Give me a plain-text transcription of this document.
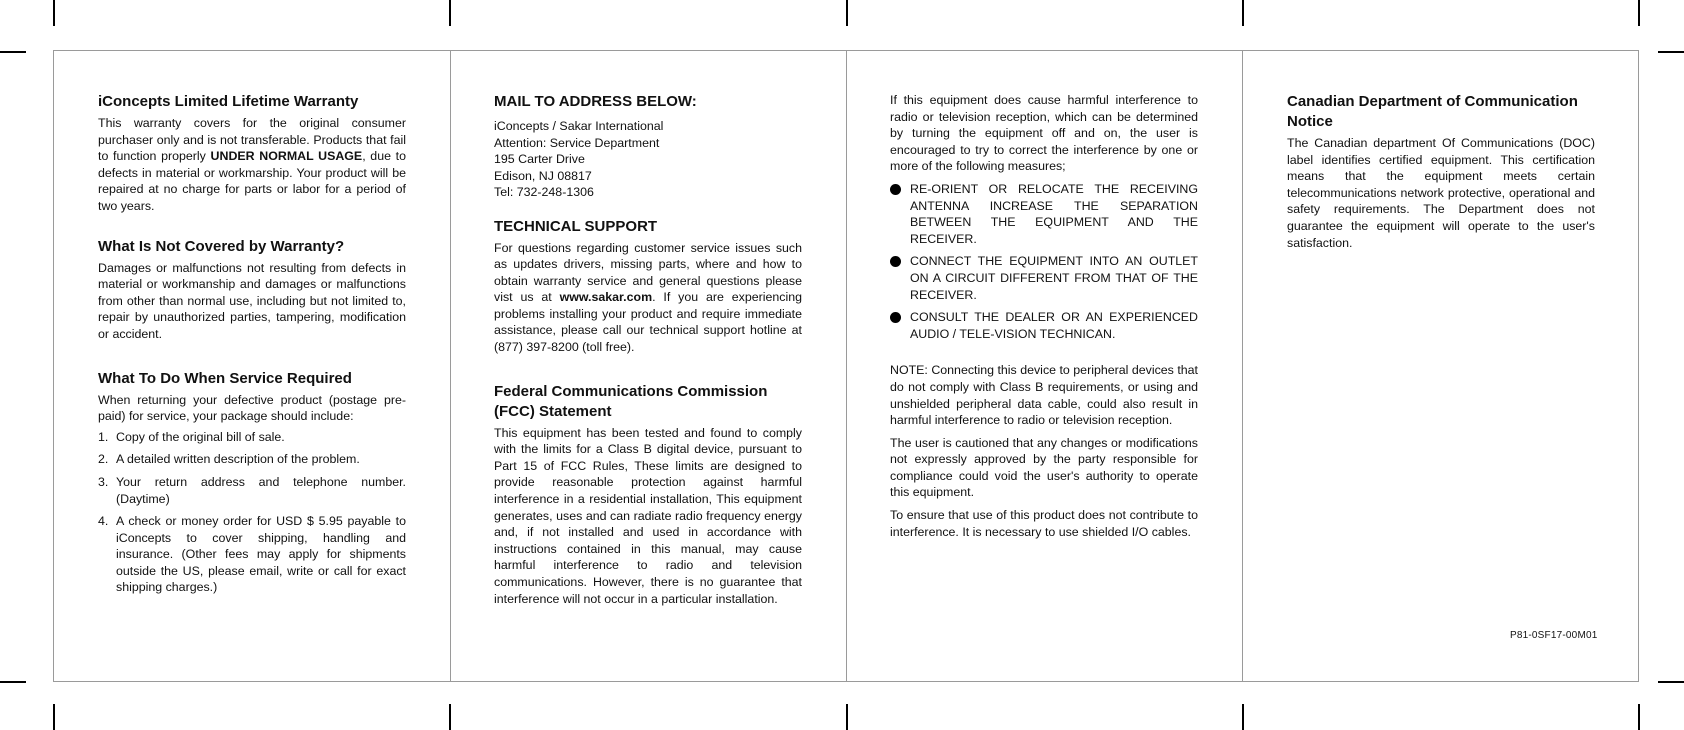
iConcepts Limited Lifetime Warranty

This warranty covers for the original consumer purchaser only and is not transferable. Products that fail to function properly UNDER NORMAL USAGE, due to defects in material or workmarship. Your product will be repaired at no charge for parts or labor for a period of two years.

What Is Not Covered by Warranty?

Damages or malfunctions not resulting from defects in material or workmanship and damages or malfunctions from other than normal use, including but not limited to, repair by unauthorized parties, tampering, modification or accident.

What To Do When Service Required

When returning your defective product (postage pre-paid) for service, your package should include:

1. Copy of the original bill of sale.
2. A detailed written description of the problem.
3. Your return address and telephone number. (Daytime)
4. A check or money order for USD $ 5.95 payable to iConcepts to cover shipping, handling and insurance. (Other fees may apply for shipments outside the US, please email, write or call for exact shipping charges.)
MAIL TO ADDRESS BELOW:

iConcepts / Sakar International

Attention: Service Department

195 Carter Drive

Edison, NJ 08817

Tel: 732-248-1306

TECHNICAL SUPPORT

For questions regarding customer service issues such as updates drivers, missing parts, where and how to obtain warranty service and general questions please vist us at www.sakar.com. If you are experiencing problems installing your product and require immediate assistance, please call our technical support hotline at (877) 397-8200 (toll free).

Federal Communications Commission
(FCC) Statement

This equipment has been tested and found to comply with the limits for a Class B digital device, pursuant to Part 15 of FCC Rules, These limits are designed to provide reasonable protection against harmful interference in a residential installation, This equipment generates, uses and can radiate radio frequency energy and, if not installed and used in accordance with instructions contained in this manual, may cause harmful interference to radio and television communications. However, there is no guarantee that interference will not occur in a particular installation.

If this equipment does cause harmful interference to radio or television reception, which can be determined by turning the equipment off and on, the user is encouraged to try to correct the interference by one or more of the following measures;

RE-ORIENT OR RELOCATE THE RECEIVING ANTENNA INCREASE THE SEPARATION BETWEEN THE EQUIPMENT AND THE RECEIVER.
CONNECT THE EQUIPMENT INTO AN OUTLET ON A CIRCUIT DIFFERENT FROM THAT OF THE RECEIVER.
CONSULT THE DEALER OR AN EXPERIENCED AUDIO / TELE-VISION TECHNICAN.

NOTE: Connecting this device to peripheral devices that do not comply with Class B requirements, or using and unshielded peripheral data cable, could also result in harmful interference to radio or television reception.

The user is cautioned that any changes or modifications not expressly approved by the party responsible for compliance could void the user's authority to operate this equipment.

To ensure that use of this product does not contribute to interference. It is necessary to use shielded I/O cables.

Canadian Department of Communication
Notice

The Canadian department Of Communications (DOC) label identifies certified equipment. This certification means that the equipment meets certain telecommunications network protective, operational and safety requirements. The Department does not guarantee the equipment will operate to the user's satisfaction.

P81-0SF17-00M01
